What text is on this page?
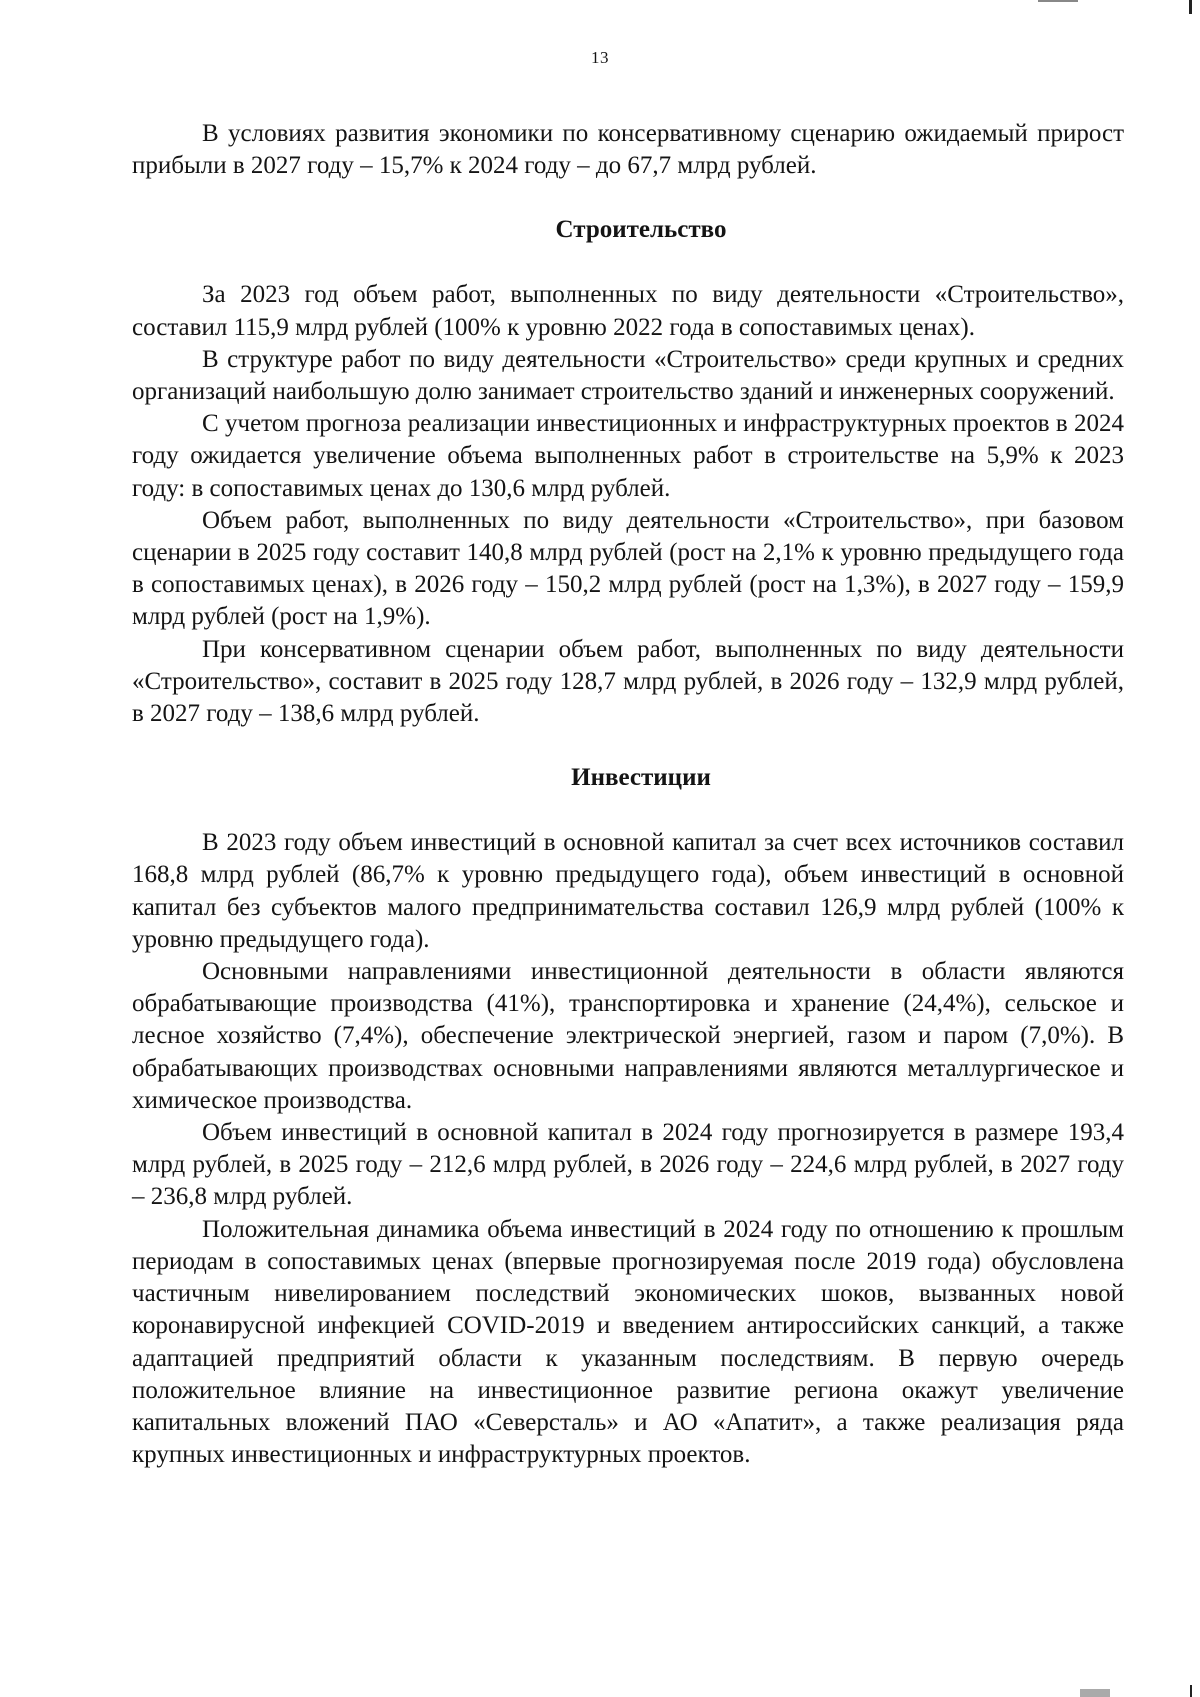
13

В условиях развития экономики по консервативному сценарию ожидаемый прирост прибыли в 2027 году – 15,7% к 2024 году – до 67,7 млрд рублей.

Строительство

За 2023 год объем работ, выполненных по виду деятельности «Строительство», составил 115,9 млрд рублей (100% к уровню 2022 года в сопоставимых ценах).

В структуре работ по виду деятельности «Строительство» среди крупных и средних организаций наибольшую долю занимает строительство зданий и инженерных сооружений.

С учетом прогноза реализации инвестиционных и инфраструктурных проектов в 2024 году ожидается увеличение объема выполненных работ в строительстве на 5,9% к 2023 году: в сопоставимых ценах до 130,6 млрд рублей.

Объем работ, выполненных по виду деятельности «Строительство», при базовом сценарии в 2025 году составит 140,8 млрд рублей (рост на 2,1% к уровню предыдущего года в сопоставимых ценах), в 2026 году – 150,2 млрд рублей (рост на 1,3%), в 2027 году – 159,9 млрд рублей (рост на 1,9%).

При консервативном сценарии объем работ, выполненных по виду деятельности «Строительство», составит в 2025 году 128,7 млрд рублей, в 2026 году – 132,9 млрд рублей, в 2027 году – 138,6 млрд рублей.

Инвестиции

В 2023 году объем инвестиций в основной капитал за счет всех источников составил 168,8 млрд рублей (86,7% к уровню предыдущего года), объем инвестиций в основной капитал без субъектов малого предпринимательства составил 126,9 млрд рублей (100% к уровню предыдущего года).

Основными направлениями инвестиционной деятельности в области являются обрабатывающие производства (41%), транспортировка и хранение (24,4%), сельское и лесное хозяйство (7,4%), обеспечение электрической энергией, газом и паром (7,0%). В обрабатывающих производствах основными направлениями являются металлургическое и химическое производства.

Объем инвестиций в основной капитал в 2024 году прогнозируется в размере 193,4 млрд рублей, в 2025 году – 212,6 млрд рублей, в 2026 году – 224,6 млрд рублей, в 2027 году – 236,8 млрд рублей.

Положительная динамика объема инвестиций в 2024 году по отношению к прошлым периодам в сопоставимых ценах (впервые прогнозируемая после 2019 года) обусловлена частичным нивелированием последствий экономических шоков, вызванных новой коронавирусной инфекцией COVID-2019 и введением антироссийских санкций, а также адаптацией предприятий области к указанным последствиям. В первую очередь положительное влияние на инвестиционное развитие региона окажут увеличение капитальных вложений ПАО «Северсталь» и АО «Апатит», а также реализация ряда крупных инвестиционных и инфраструктурных проектов.
